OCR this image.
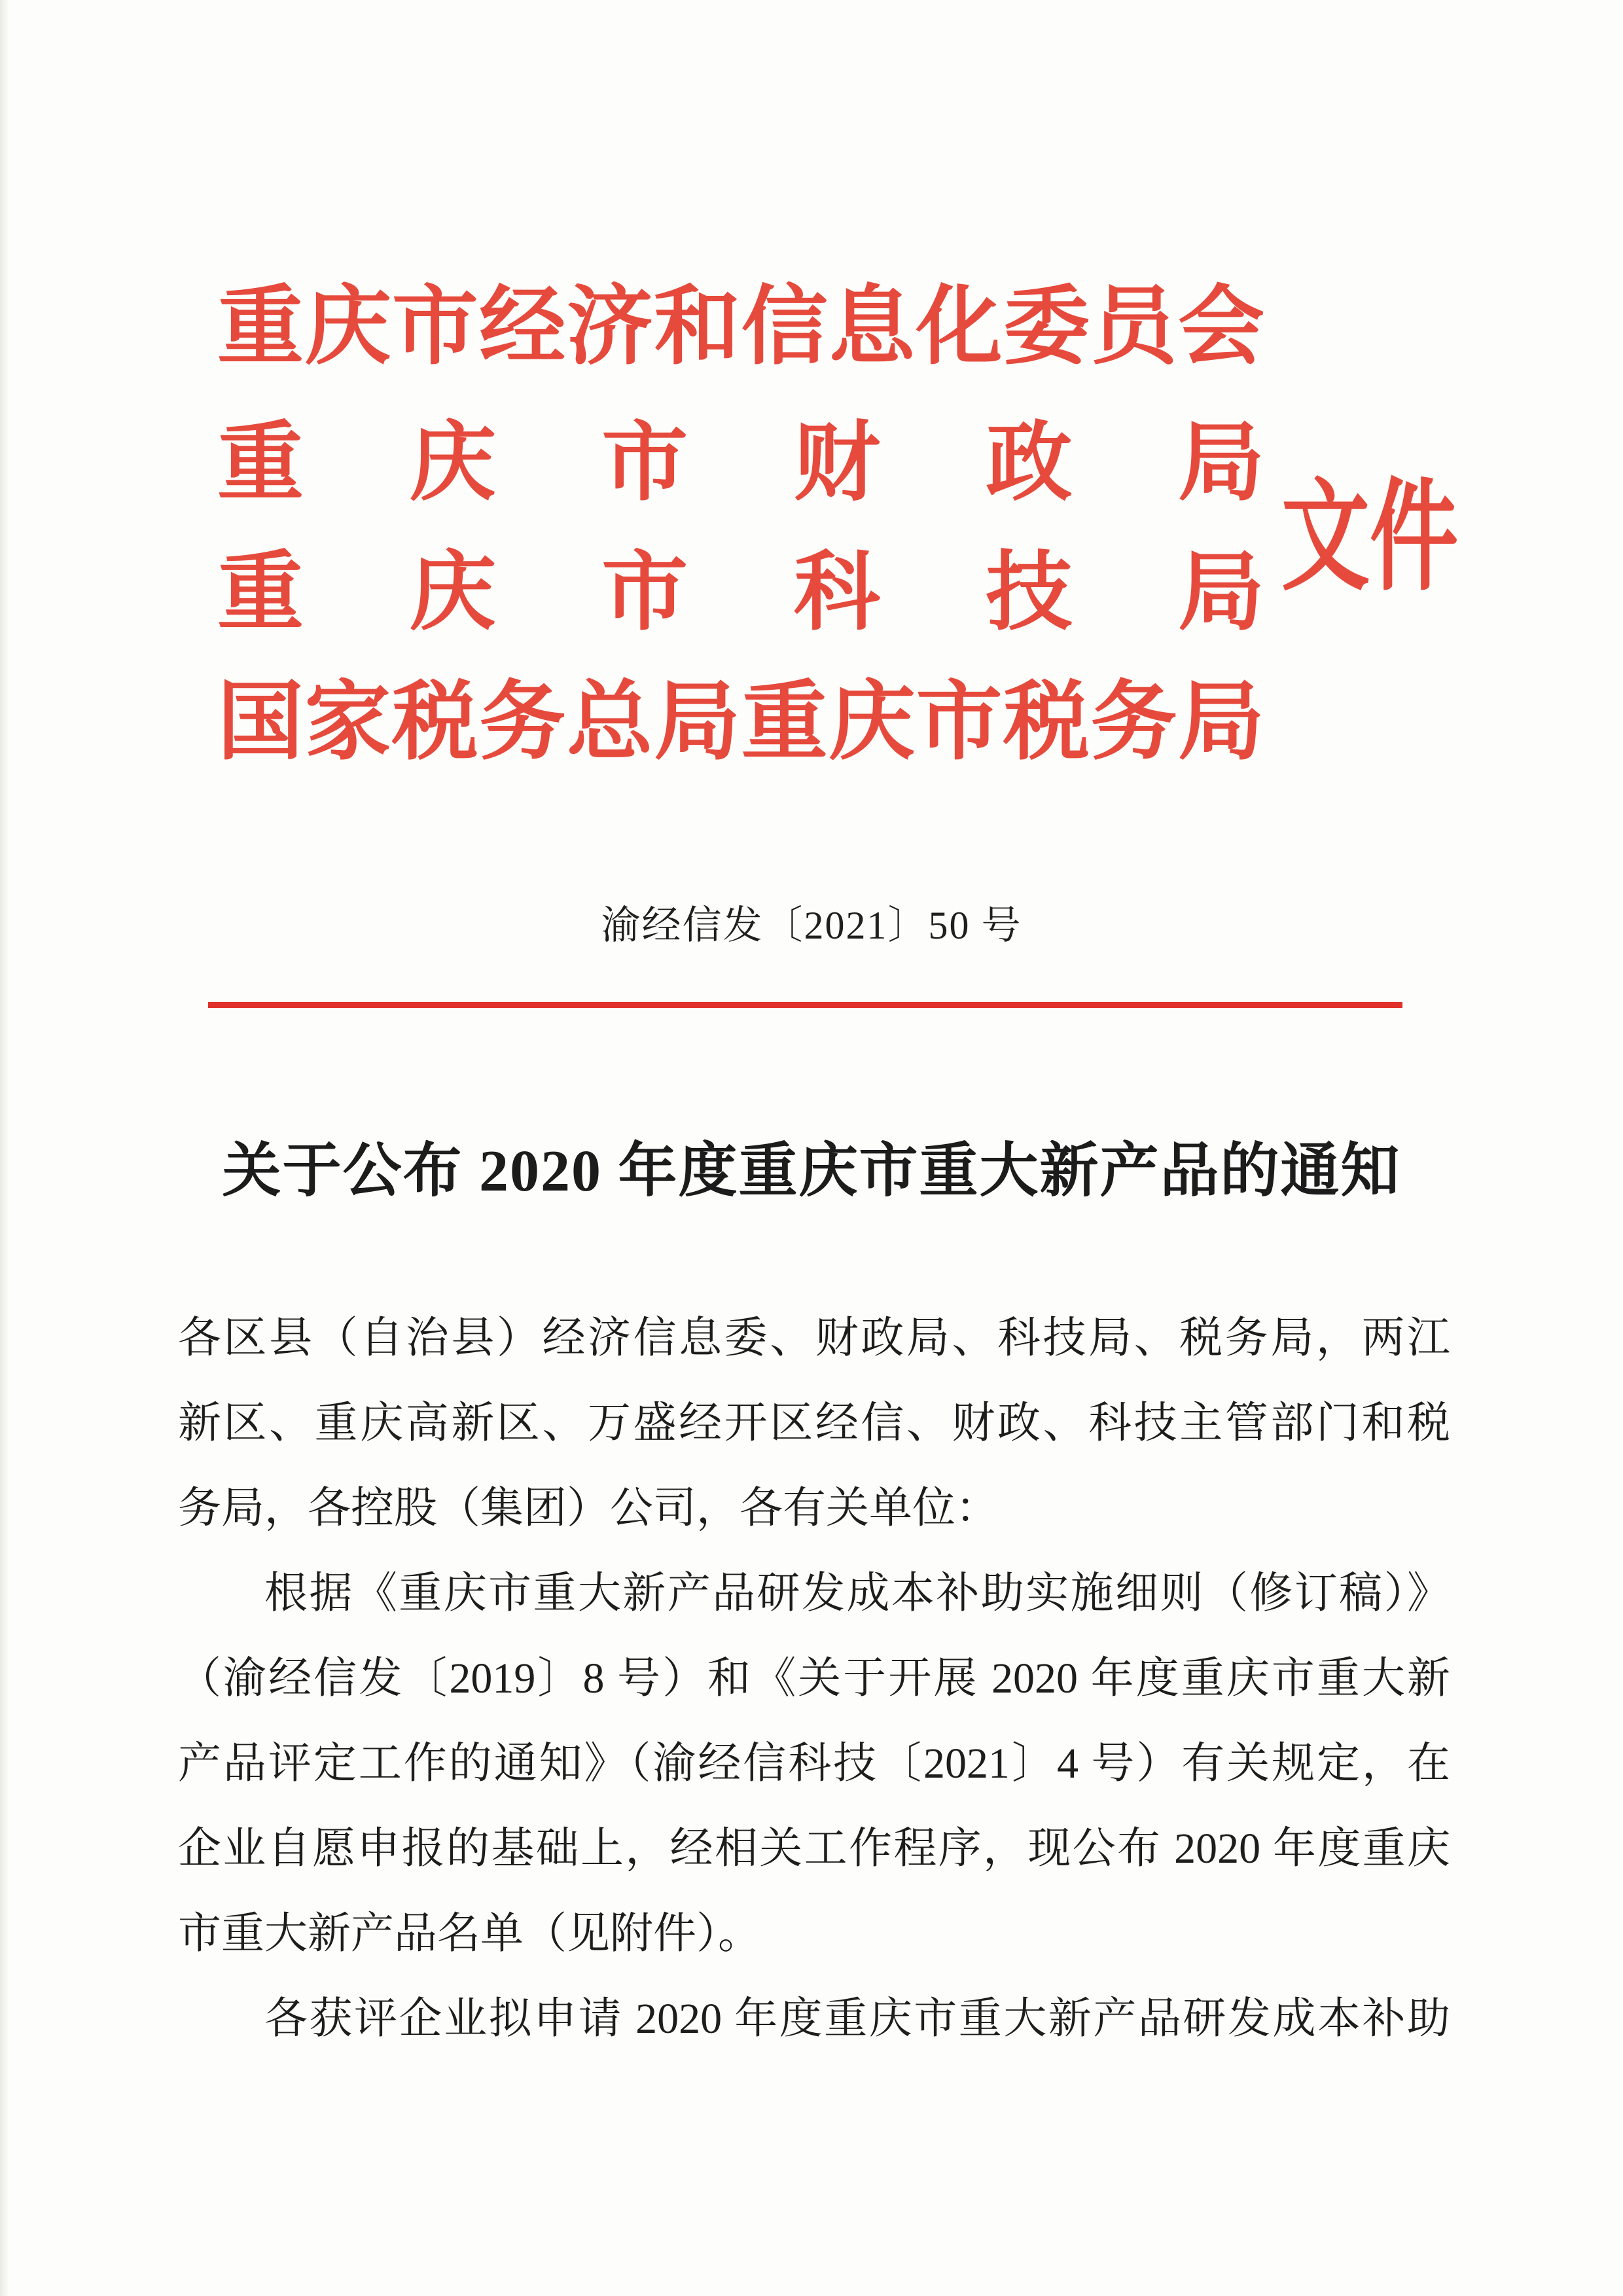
重庆市经济和信息化委员会
重庆市财政局
重庆市科技局
国家税务总局重庆市税务局
文件
渝经信发〔2021〕50 号
关于公布 2020 年度重庆市重大新产品的通知
各区县（自治县）经济信息委、财政局、科技局、税务局，两江
新区、重庆高新区、万盛经开区经信、财政、科技主管部门和税
务局，各控股（集团）公司，各有关单位：
根据《重庆市重大新产品研发成本补助实施细则（修订稿）》
（渝经信发〔2019〕8 号）和《关于开展 2020 年度重庆市重大新
产品评定工作的通知》（渝经信科技〔2021〕4 号）有关规定，在
企业自愿申报的基础上，经相关工作程序，现公布 2020 年度重庆
市重大新产品名单（见附件）。
各获评企业拟申请 2020 年度重庆市重大新产品研发成本补助
